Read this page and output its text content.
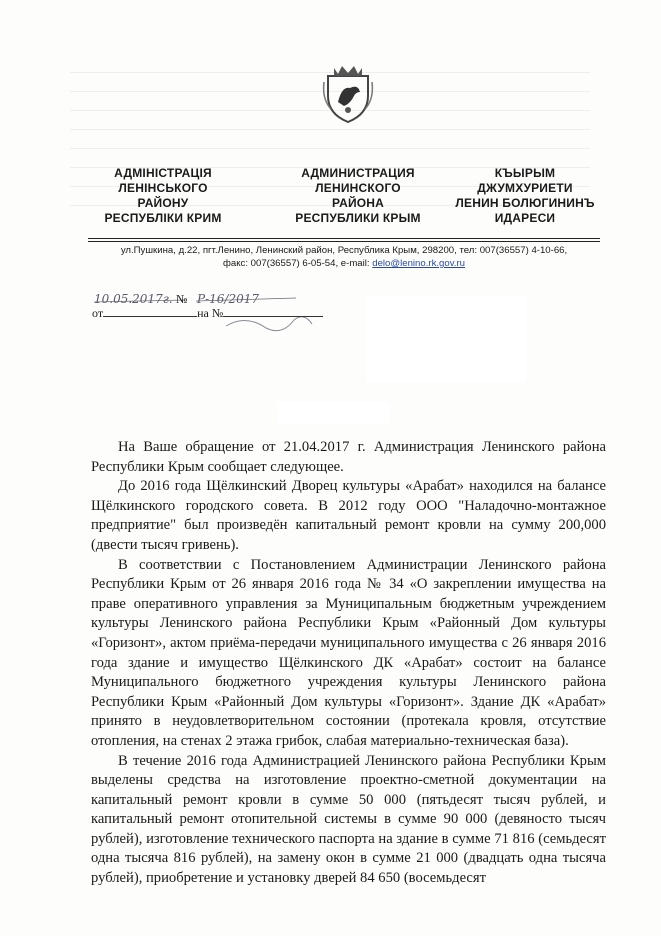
АДМІНІСТРАЦІЯ
ЛЕНІНСЬКОГО
РАЙОНУ
РЕСПУБЛІКИ КРИМ
АДМИНИСТРАЦИЯ
ЛЕНИНСКОГО
РАЙОНА
РЕСПУБЛИКИ КРЫМ
КЪЫРЫМ
ДЖУМХУРИЕТИ
ЛЕНИН БОЛЮГИНИНЪ
ИДАРЕСИ
ул.Пушкина, д.22, пгт.Ленино, Ленинский район, Республика Крым, 298200, тел: 007(36557) 4-10-66,
факс: 007(36557) 6-05-54, e-mail: delo@lenino.rk.gov.ru
10.05.2017г. № Р-16/2017
от	на №

На Ваше обращение от 21.04.2017 г. Администрация Ленинского района Республики Крым сообщает следующее.

До 2016 года Щёлкинский Дворец культуры «Арабат» находился на балансе Щёлкинского городского совета. В 2012 году ООО "Наладочно-монтажное предприятие" был произведён капитальный ремонт кровли на сумму 200,000 (двести тысяч гривень).

В соответствии с Постановлением Администрации Ленинского района Республики Крым от 26 января 2016 года № 34 «О закреплении имущества на праве оперативного управления за Муниципальным бюджетным учреждением культуры Ленинского района Республики Крым «Районный Дом культуры «Горизонт», актом приёма-передачи муниципального имущества с 26 января 2016 года здание и имущество Щёлкинского ДК «Арабат» состоит на балансе Муниципального бюджетного учреждения культуры Ленинского района Республики Крым «Районный Дом культуры «Горизонт». Здание ДК «Арабат» принято в неудовлетворительном состоянии (протекала кровля, отсутствие отопления, на стенах 2 этажа грибок, слабая материально-техническая база).

В течение 2016 года Администрацией Ленинского района Республики Крым выделены средства на изготовление проектно-сметной документации на капитальный ремонт кровли в сумме 50 000 (пятьдесят тысяч рублей, и капитальный ремонт отопительной системы в сумме 90 000 (девяносто тысяч рублей), изготовление технического паспорта на здание в сумме 71 816 (семьдесят одна тысяча 816 рублей), на замену окон в сумме 21 000 (двадцать одна тысяча рублей), приобретение и установку дверей 84 650 (восемьдесят
